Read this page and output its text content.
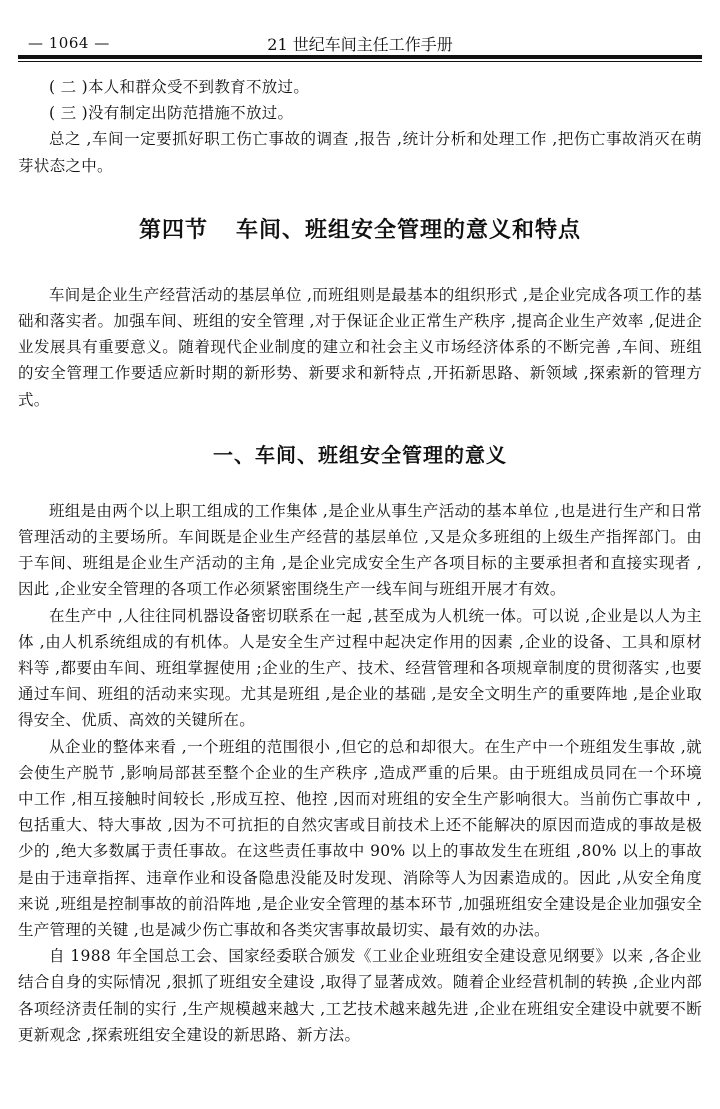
— 1064 —	21 世纪车间主任工作手册

( 二 )本人和群众受不到教育不放过。

( 三 )没有制定出防范措施不放过。

总之 ,车间一定要抓好职工伤亡事故的调查 ,报告 ,统计分析和处理工作 ,把伤亡事故消灭在萌芽状态之中。

第四节 车间、班组安全管理的意义和特点

车间是企业生产经营活动的基层单位 ,而班组则是最基本的组织形式 ,是企业完成各项工作的基础和落实者。加强车间、班组的安全管理 ,对于保证企业正常生产秩序 ,提高企业生产效率 ,促进企业发展具有重要意义。随着现代企业制度的建立和社会主义市场经济体系的不断完善 ,车间、班组的安全管理工作要适应新时期的新形势、新要求和新特点 ,开拓新思路、新领域 ,探索新的管理方式。

一、车间、班组安全管理的意义

班组是由两个以上职工组成的工作集体 ,是企业从事生产活动的基本单位 ,也是进行生产和日常管理活动的主要场所。车间既是企业生产经营的基层单位 ,又是众多班组的上级生产指挥部门。由于车间、班组是企业生产活动的主角 ,是企业完成安全生产各项目标的主要承担者和直接实现者 ,因此 ,企业安全管理的各项工作必须紧密围绕生产一线车间与班组开展才有效。

在生产中 ,人往往同机器设备密切联系在一起 ,甚至成为人机统一体。可以说 ,企业是以人为主体 ,由人机系统组成的有机体。人是安全生产过程中起决定作用的因素 ,企业的设备、工具和原材料等 ,都要由车间、班组掌握使用 ;企业的生产、技术、经营管理和各项规章制度的贯彻落实 ,也要通过车间、班组的活动来实现。尤其是班组 ,是企业的基础 ,是安全文明生产的重要阵地 ,是企业取得安全、优质、高效的关键所在。

从企业的整体来看 ,一个班组的范围很小 ,但它的总和却很大。在生产中一个班组发生事故 ,就会使生产脱节 ,影响局部甚至整个企业的生产秩序 ,造成严重的后果。由于班组成员同在一个环境中工作 ,相互接触时间较长 ,形成互控、他控 ,因而对班组的安全生产影响很大。当前伤亡事故中 ,包括重大、特大事故 ,因为不可抗拒的自然灾害或目前技术上还不能解决的原因而造成的事故是极少的 ,绝大多数属于责任事故。在这些责任事故中 90% 以上的事故发生在班组 ,80% 以上的事故是由于违章指挥、违章作业和设备隐患没能及时发现、消除等人为因素造成的。因此 ,从安全角度来说 ,班组是控制事故的前沿阵地 ,是企业安全管理的基本环节 ,加强班组安全建设是企业加强安全生产管理的关键 ,也是减少伤亡事故和各类灾害事故最切实、最有效的办法。

自 1988 年全国总工会、国家经委联合颁发《工业企业班组安全建设意见纲要》以来 ,各企业结合自身的实际情况 ,狠抓了班组安全建设 ,取得了显著成效。随着企业经营机制的转换 ,企业内部各项经济责任制的实行 ,生产规模越来越大 ,工艺技术越来越先进 ,企业在班组安全建设中就要不断更新观念 ,探索班组安全建设的新思路、新方法。
